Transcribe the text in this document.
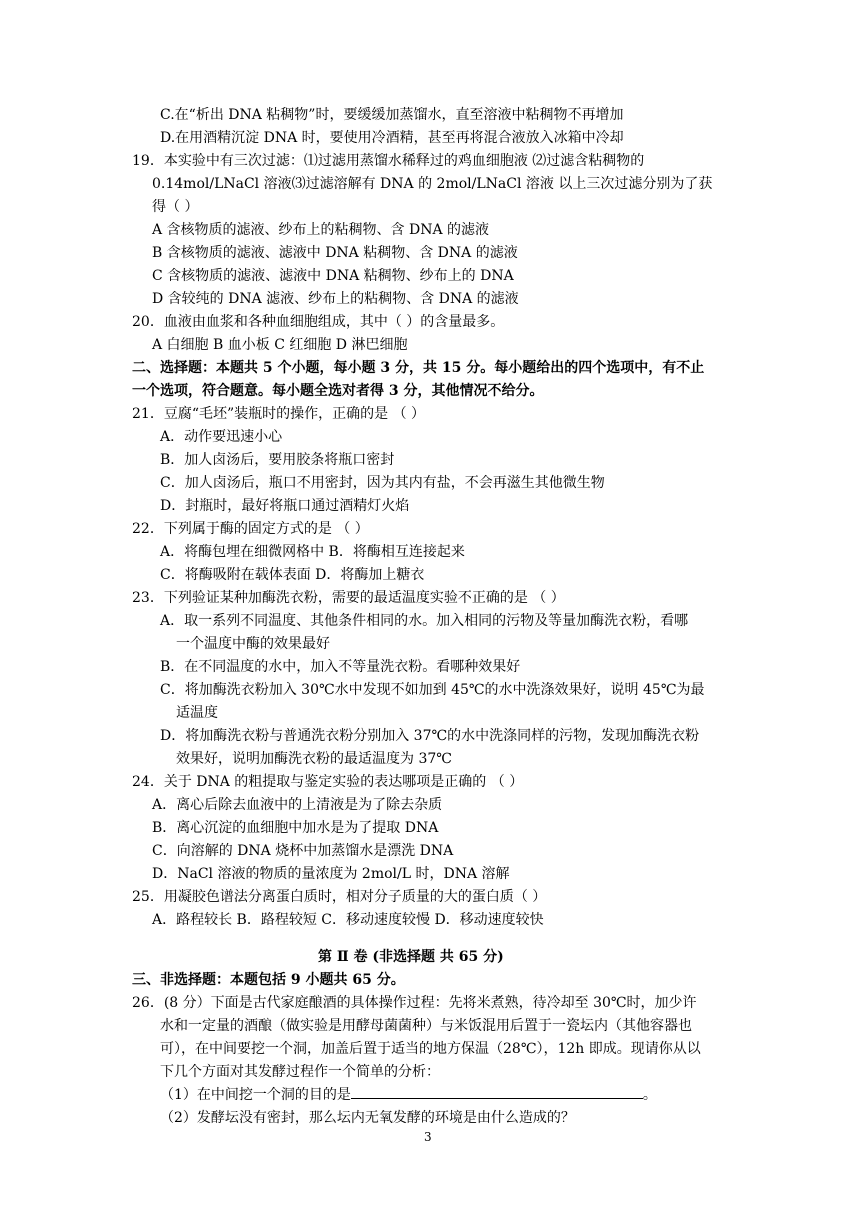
C.在“析出 DNA 粘稠物”时，要缓缓加蒸馏水，直至溶液中粘稠物不再增加
D.在用酒精沉淀 DNA 时，要使用冷酒精，甚至再将混合液放入冰箱中冷却
19．本实验中有三次过滤：⑴过滤用蒸馏水稀释过的鸡血细胞液 ⑵过滤含粘稠物的
0.14mol/LNaCl 溶液⑶过滤溶解有 DNA 的 2mol/LNaCl 溶液 以上三次过滤分别为了获
得（ ）
A 含核物质的滤液、纱布上的粘稠物、含 DNA 的滤液
B 含核物质的滤液、滤液中 DNA 粘稠物、含 DNA 的滤液
C 含核物质的滤液、滤液中 DNA 粘稠物、纱布上的 DNA
D 含较纯的 DNA 滤液、纱布上的粘稠物、含 DNA 的滤液
20．血液由血浆和各种血细胞组成，其中（ ）的含量最多。
A 白细胞 B 血小板 C 红细胞 D 淋巴细胞
二、选择题：本题共 5 个小题，每小题 3 分，共 15 分。每小题给出的四个选项中，有不止
一个选项，符合题意。每小题全选对者得 3 分，其他情况不给分。
21．豆腐“毛坯”装瓶时的操作，正确的是 （ ）
A．动作要迅速小心
B．加人卤汤后，要用胶条将瓶口密封
C．加人卤汤后，瓶口不用密封，因为其内有盐，不会再滋生其他微生物
D．封瓶时，最好将瓶口通过酒精灯火焰
22．下列属于酶的固定方式的是 （ ）
A．将酶包埋在细微网格中 B．将酶相互连接起来
C．将酶吸附在载体表面 D．将酶加上糖衣
23．下列验证某种加酶洗衣粉，需要的最适温度实验不正确的是 （ ）
A．取一系列不同温度、其他条件相同的水。加入相同的污物及等量加酶洗衣粉，看哪
一个温度中酶的效果最好
B．在不同温度的水中，加入不等量洗衣粉。看哪种效果好
C．将加酶洗衣粉加入 30℃水中发现不如加到 45℃的水中洗涤效果好，说明 45℃为最
适温度
D．将加酶洗衣粉与普通洗衣粉分别加入 37℃的水中洗涤同样的污物，发现加酶洗衣粉
效果好，说明加酶洗衣粉的最适温度为 37℃
24．关于 DNA 的粗提取与鉴定实验的表达哪项是正确的 （ ）
A．离心后除去血液中的上清液是为了除去杂质
B．离心沉淀的血细胞中加水是为了提取 DNA
C．向溶解的 DNA 烧杯中加蒸馏水是漂洗 DNA
D．NaCl 溶液的物质的量浓度为 2mol/L 时，DNA 溶解
25．用凝胶色谱法分离蛋白质时，相对分子质量的大的蛋白质（ ）
A．路程较长 B．路程较短 C．移动速度较慢 D．移动速度较快
第 Ⅱ 卷 (非选择题 共 65 分)
三、非选择题：本题包括 9 小题共 65 分。
26．(8 分）下面是古代家庭酿酒的具体操作过程：先将米煮熟，待冷却至 30℃时，加少许
水和一定量的酒酿（做实验是用酵母菌菌种）与米饭混用后置于一瓷坛内（其他容器也
可），在中间要挖一个洞，加盖后置于适当的地方保温（28℃），12h 即成。现请你从以
下几个方面对其发酵过程作一个简单的分析：
（1）在中间挖一个洞的目的是	。
（2）发酵坛没有密封，那么坛内无氧发酵的环境是由什么造成的？
3
